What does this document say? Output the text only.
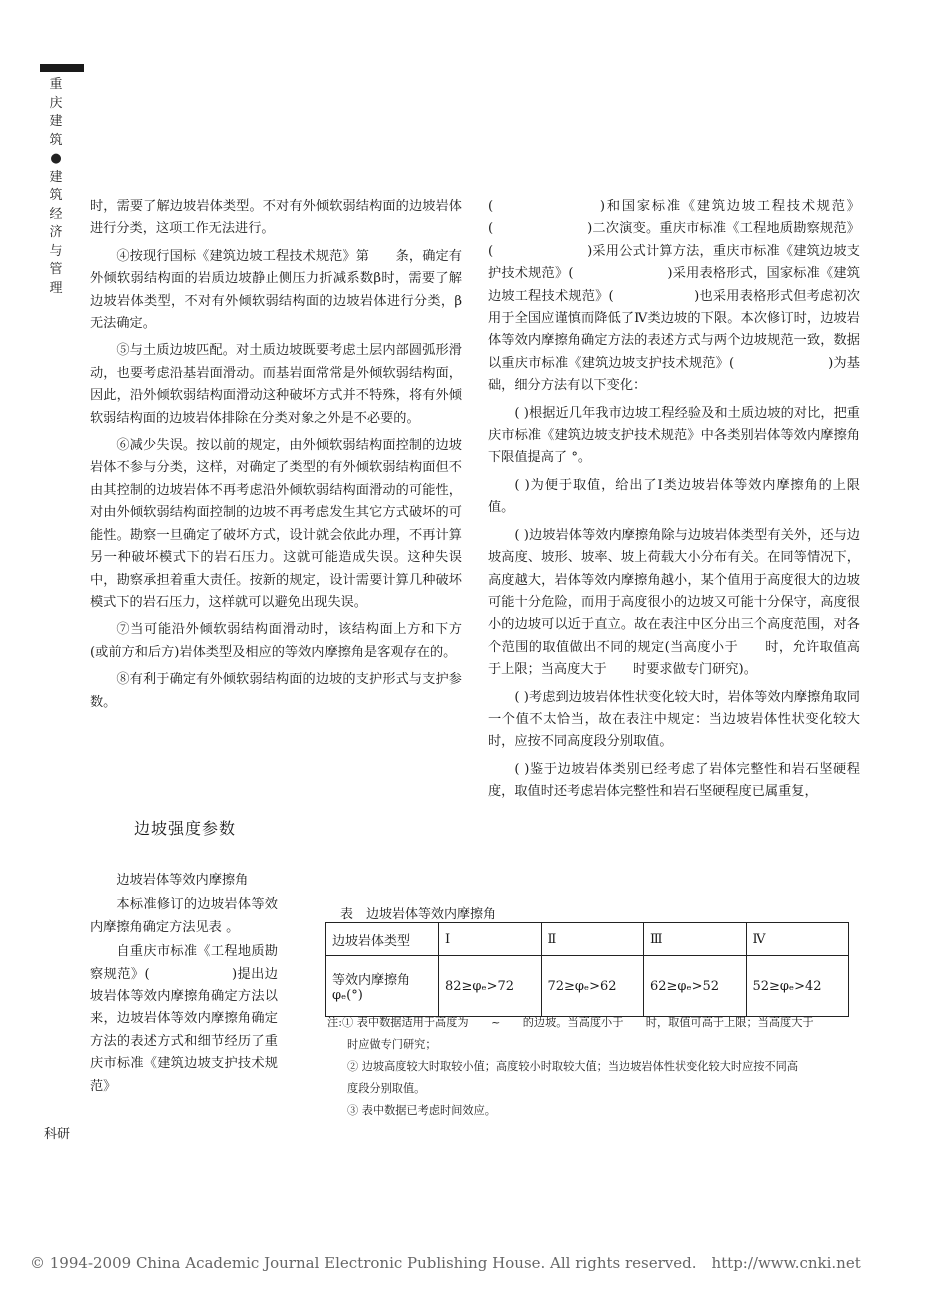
重
庆
建
筑
●
建
筑
经
济
与
管
理

时，需要了解边坡岩体类型。不对有外倾软弱结构面的边坡岩体进行分类，这项工作无法进行。

④按现行国标《建筑边坡工程技术规范》第　　条，确定有外倾软弱结构面的岩质边坡静止侧压力折减系数β时，需要了解边坡岩体类型，不对有外倾软弱结构面的边坡岩体进行分类，β无法确定。

⑤与土质边坡匹配。对土质边坡既要考虑土层内部圆弧形滑动，也要考虑沿基岩面滑动。而基岩面常常是外倾软弱结构面，因此，沿外倾软弱结构面滑动这种破坏方式并不特殊，将有外倾软弱结构面的边坡岩体排除在分类对象之外是不必要的。

⑥减少失误。按以前的规定，由外倾软弱结构面控制的边坡岩体不参与分类，这样，对确定了类型的有外倾软弱结构面但不由其控制的边坡岩体不再考虑沿外倾软弱结构面滑动的可能性，对由外倾软弱结构面控制的边坡不再考虑发生其它方式破坏的可能性。勘察一旦确定了破坏方式，设计就会依此办理，不再计算另一种破坏模式下的岩石压力。这就可能造成失误。这种失误中，勘察承担着重大责任。按新的规定，设计需要计算几种破坏模式下的岩石压力，这样就可以避免出现失误。

⑦当可能沿外倾软弱结构面滑动时，该结构面上方和下方(或前方和后方)岩体类型及相应的等效内摩擦角是客观存在的。

⑧有利于确定有外倾软弱结构面的边坡的支护形式与支护参数。

(　　　　　　　)和国家标准《建筑边坡工程技术规范》(　　　　　　　)二次演变。重庆市标准《工程地质勘察规范》(　　　　　　　)采用公式计算方法，重庆市标准《建筑边坡支护技术规范》(　　　　　　　)采用表格形式，国家标准《建筑边坡工程技术规范》(　　　　　　)也采用表格形式但考虑初次用于全国应谨慎而降低了Ⅳ类边坡的下限。本次修订时，边坡岩体等效内摩擦角确定方法的表述方式与两个边坡规范一致，数据以重庆市标准《建筑边坡支护技术规范》(　　　　　　　)为基础，细分方法有以下变化：

( )根据近几年我市边坡工程经验及和土质边坡的对比，把重庆市标准《建筑边坡支护技术规范》中各类别岩体等效内摩擦角下限值提高了 °。

( )为便于取值，给出了Ⅰ类边坡岩体等效内摩擦角的上限值。

( )边坡岩体等效内摩擦角除与边坡岩体类型有关外，还与边坡高度、坡形、坡率、坡上荷载大小分布有关。在同等情况下，高度越大，岩体等效内摩擦角越小，某个值用于高度很大的边坡可能十分危险，而用于高度很小的边坡又可能十分保守，高度很小的边坡可以近于直立。故在表注中区分出三个高度范围，对各个范围的取值做出不同的规定(当高度小于　　时，允许取值高于上限；当高度大于　　时要求做专门研究)。

( )考虑到边坡岩体性状变化较大时，岩体等效内摩擦角取同一个值不太恰当，故在表注中规定：当边坡岩体性状变化较大时，应按不同高度段分别取值。

( )鉴于边坡岩体类别已经考虑了岩体完整性和岩石坚硬程度，取值时还考虑岩体完整性和岩石坚硬程度已属重复，

边坡强度参数

边坡岩体等效内摩擦角

本标准修订的边坡岩体等效内摩擦角确定方法见表 。

自重庆市标准《工程地质勘察规范》(　　　　　　)提出边坡岩体等效内摩擦角确定方法以来，边坡岩体等效内摩擦角确定方法的表述方式和细节经历了重庆市标准《建筑边坡支护技术规范》

表　边坡岩体等效内摩擦角
边坡岩体类型	Ⅰ	Ⅱ	Ⅲ	Ⅳ

等效内摩擦角
φₑ(°)	82≥φₑ>72	72≥φₑ>62	62≥φₑ>52	52≥φₑ>42

注:① 表中数据适用于高度为　　~　　的边坡。当高度小于　　时，取值可高于上限；当高度大于

时应做专门研究；

② 边坡高度较大时取较小值；高度较小时取较大值；当边坡岩体性状变化较大时应按不同高

度段分别取值。

③ 表中数据已考虑时间效应。

科研
© 1994-2009 China Academic Journal Electronic Publishing House. All rights reserved.　http://www.cnki.net
